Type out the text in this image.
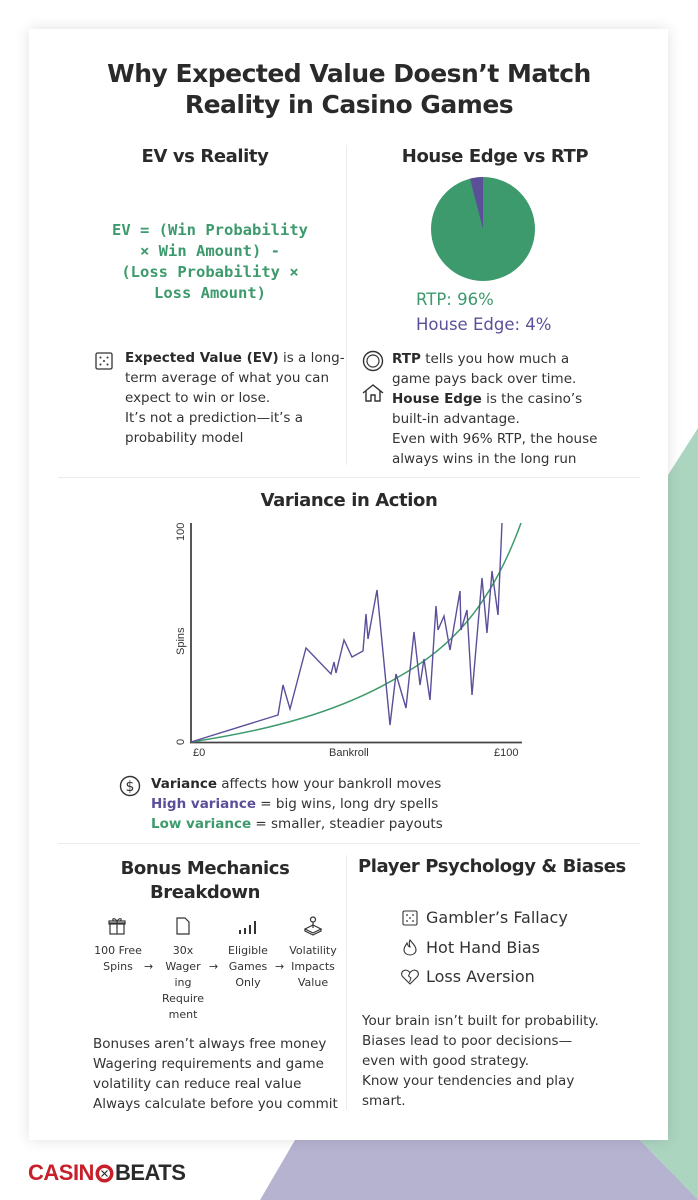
Why Expected Value Doesn’t Match
Reality in Casino Games
EV vs Reality
EV = (Win Probability
× Win Amount) -
(Loss Probability ×
Loss Amount)
Expected Value (EV) is a long-
term average of what you can
expect to win or lose.
It’s not a prediction—it’s a
probability model
House Edge vs RTP
RTP: 96%
House Edge: 4%
RTP tells you how much a
game pays back over time.
House Edge is the casino’s
built-in advantage.
Even with 96% RTP, the house
always wins in the long run
Variance in Action
100
0
Spins
£0	Bankroll	£100
$ Variance affects how your bankroll moves
High variance = big wins, long dry spells
Low variance = smaller, steadier payouts
Bonus Mechanics
Breakdown
100 Free
Spins	→
30x
Wager
ing
Require
ment
→
Eligible
Games
Only
→
Volatility
Impacts
Value
Bonuses aren’t always free money
Wagering requirements and game
volatility can reduce real value
Always calculate before you commit
Player Psychology & Biases
Gambler’s Fallacy
Hot Hand Bias
Loss Aversion
Your brain isn’t built for probability.
Biases lead to poor decisions—
even with good strategy.
Know your tendencies and play
smart.
CASIN BEATS
